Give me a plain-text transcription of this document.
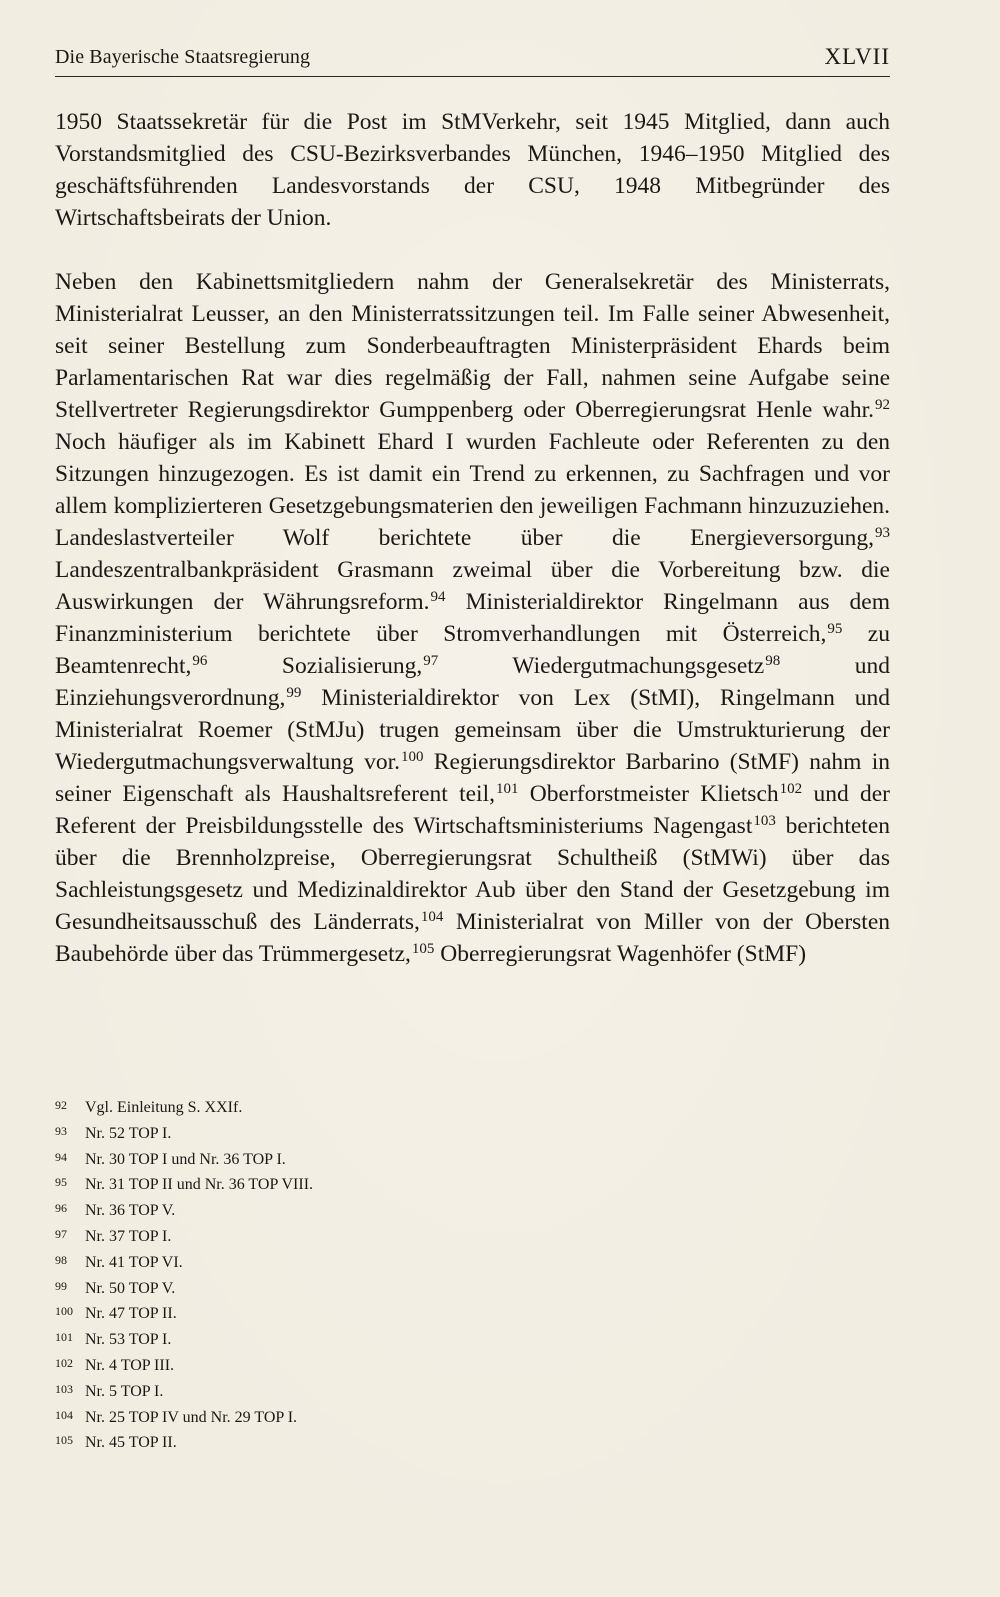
Die Bayerische Staatsregierung	XLVII

1950 Staatssekretär für die Post im StMVerkehr, seit 1945 Mitglied, dann auch Vorstandsmitglied des CSU-Bezirksverbandes München, 1946–1950 Mitglied des geschäftsführenden Landesvorstands der CSU, 1948 Mitbegründer des Wirtschaftsbeirats der Union.

Neben den Kabinettsmitgliedern nahm der Generalsekretär des Ministerrats, Ministerialrat Leusser, an den Ministerratssitzungen teil. Im Falle seiner Abwesenheit, seit seiner Bestellung zum Sonderbeauftragten Ministerpräsident Ehards beim Parlamentarischen Rat war dies regelmäßig der Fall, nahmen seine Aufgabe seine Stellvertreter Regierungsdirektor Gumppenberg oder Oberregierungsrat Henle wahr.$^{92}$ Noch häufiger als im Kabinett Ehard I wurden Fachleute oder Referenten zu den Sitzungen hinzugezogen. Es ist damit ein Trend zu erkennen, zu Sachfragen und vor allem komplizierteren Gesetzgebungsmaterien den jeweiligen Fachmann hinzuzuziehen. Landeslastverteiler Wolf berichtete über die Energieversorgung,$^{93}$ Landeszentralbankpräsident Grasmann zweimal über die Vorbereitung bzw. die Auswirkungen der Währungsreform.$^{94}$ Ministerialdirektor Ringelmann aus dem Finanzministerium berichtete über Stromverhandlungen mit Österreich,$^{95}$ zu Beamtenrecht,$^{96}$ Sozialisierung,$^{97}$ Wiedergutmachungsgesetz$^{98}$ und Einziehungsverordnung,$^{99}$ Ministerialdirektor von Lex (StMI), Ringelmann und Ministerialrat Roemer (StMJu) trugen gemeinsam über die Umstrukturierung der Wiedergutmachungsverwaltung vor.$^{100}$ Regierungsdirektor Barbarino (StMF) nahm in seiner Eigenschaft als Haushaltsreferent teil,$^{101}$ Oberforstmeister Klietsch$^{102}$ und der Referent der Preisbildungsstelle des Wirtschaftsministeriums Nagengast$^{103}$ berichteten über die Brennholzpreise, Oberregierungsrat Schultheiß (StMWi) über das Sachleistungsgesetz und Medizinaldirektor Aub über den Stand der Gesetzgebung im Gesundheitsausschuß des Länderrats,$^{104}$ Ministerialrat von Miller von der Obersten Baubehörde über das Trümmergesetz,$^{105}$ Oberregierungsrat Wagenhöfer (StMF)

92 Vgl. Einleitung S. XXIf.
93 Nr. 52 TOP I.
94 Nr. 30 TOP I und Nr. 36 TOP I.
95 Nr. 31 TOP II und Nr. 36 TOP VIII.
96 Nr. 36 TOP V.
97 Nr. 37 TOP I.
98 Nr. 41 TOP VI.
99 Nr. 50 TOP V.
100 Nr. 47 TOP II.
101 Nr. 53 TOP I.
102 Nr. 4 TOP III.
103 Nr. 5 TOP I.
104 Nr. 25 TOP IV und Nr. 29 TOP I.
105 Nr. 45 TOP II.
